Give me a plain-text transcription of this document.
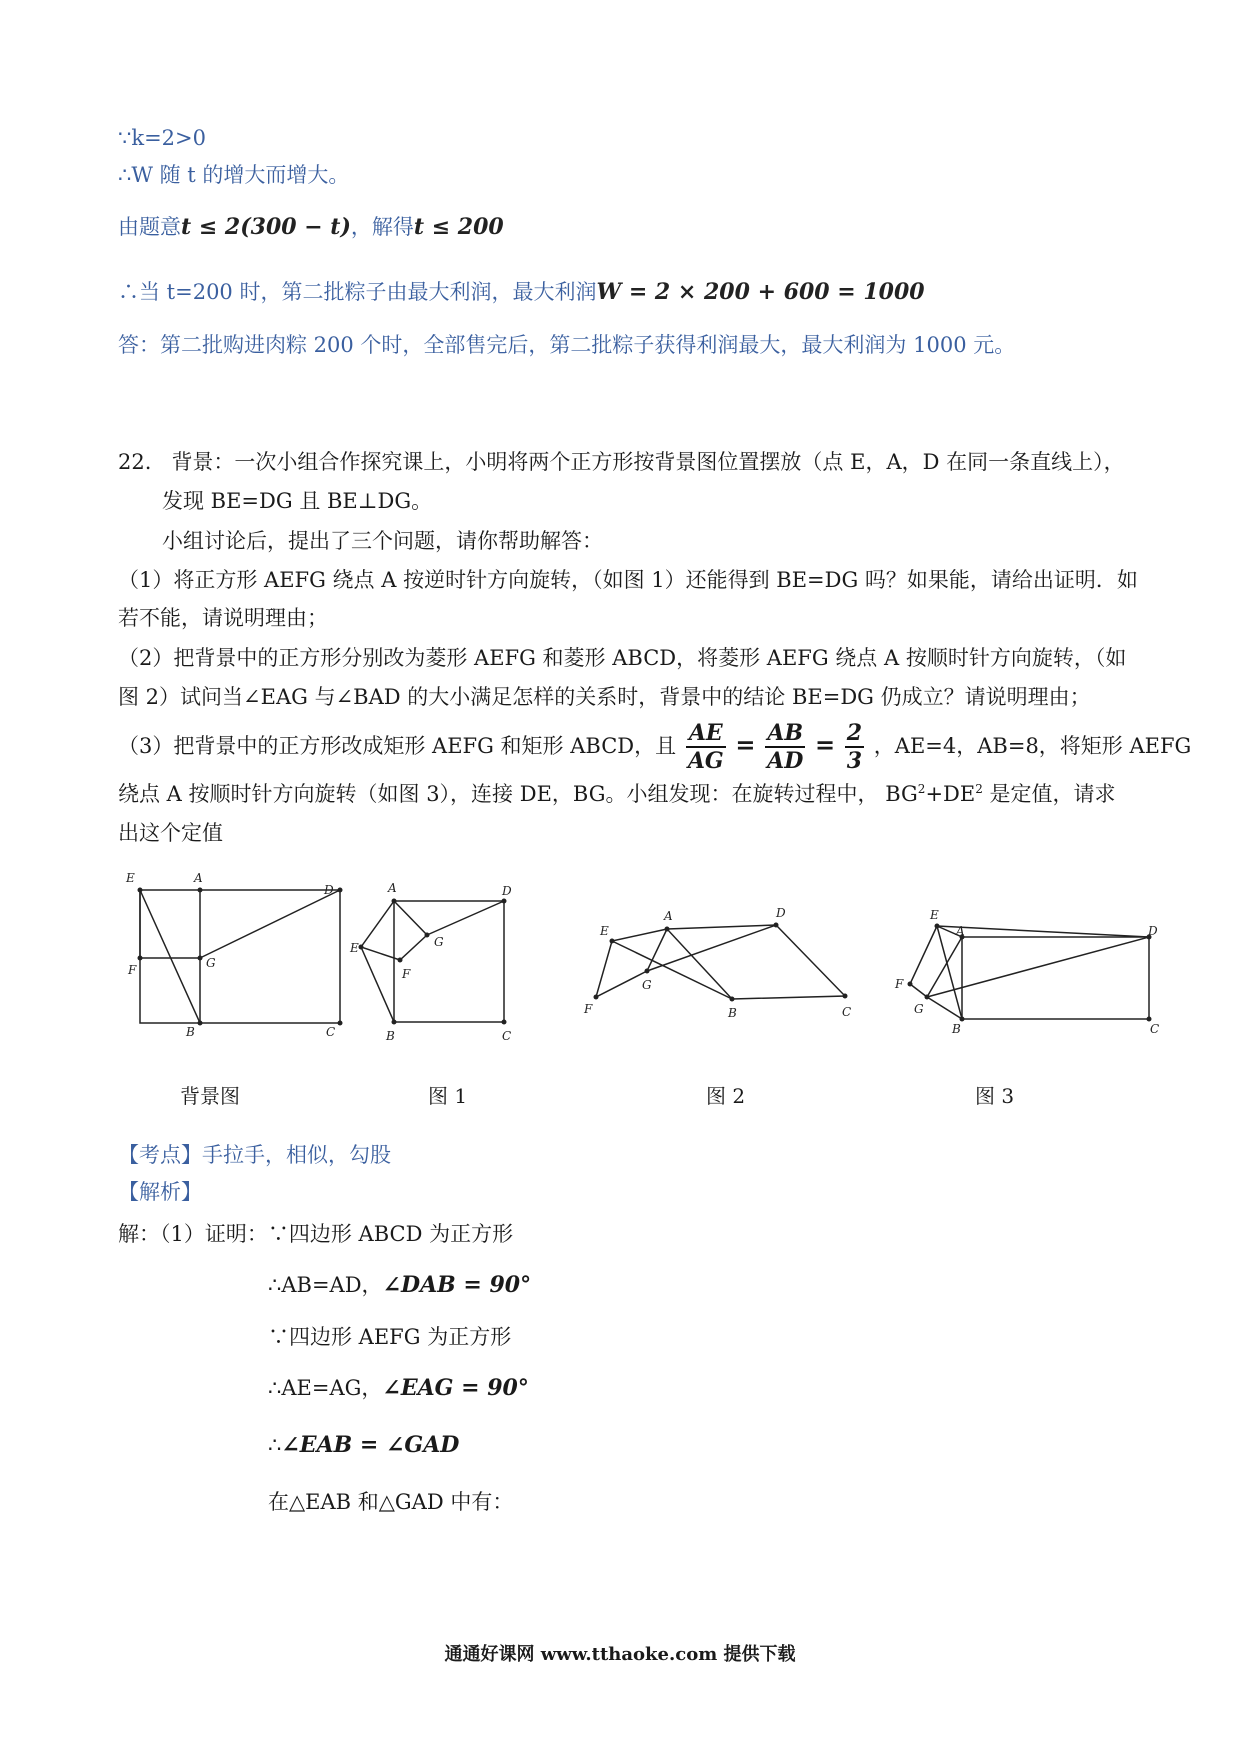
∵k=2>0
∴W 随 t 的增大而增大。
由题意t ≤ 2(300 − t)，解得t ≤ 200
∴当 t=200 时，第二批粽子由最大利润，最大利润W = 2 × 200 + 600 = 1000
答：第二批购进肉粽 200 个时，全部售完后，第二批粽子获得利润最大，最大利润为 1000 元。
22. 背景：一次小组合作探究课上，小明将两个正方形按背景图位置摆放（点 E，A，D 在同一条直线上），
发现 BE=DG 且 BE⊥DG。
小组讨论后，提出了三个问题，请你帮助解答：
（1）将正方形 AEFG 绕点 A 按逆时针方向旋转，（如图 1）还能得到 BE=DG 吗？如果能，请给出证明．如
若不能，请说明理由；
（2）把背景中的正方形分别改为菱形 AEFG 和菱形 ABCD，将菱形 AEFG 绕点 A 按顺时针方向旋转，（如
图 2）试问当∠EAG 与∠BAD 的大小满足怎样的关系时，背景中的结论 BE=DG 仍成立？请说明理由；
（3）把背景中的正方形改成矩形 AEFG 和矩形 ABCD，且 $\frac{AE}{AG} = \frac{AB}{AD} = \frac{2}{3}$ ，AE=4，AB=8，将矩形 AEFG
绕点 A 按顺时针方向旋转（如图 3），连接 DE，BG。小组发现：在旋转过程中， $BG^2+DE^2$ 是定值，请求
出这个定值
E	A
D
F	G
B	C
A	D
E	G
F
B	C
A	D
E
G
F	B	C
E
A	D
F
G
B	C
背景图	图 1	图 2	图 3
【考点】手拉手，相似，勾股
【解析】
解：（1）证明：∵四边形 ABCD 为正方形
∴AB=AD，∠DAB = 90°
∵四边形 AEFG 为正方形
∴AE=AG，∠EAG = 90°
∴∠EAB = ∠GAD
在△EAB 和△GAD 中有：
通通好课网 www.tthaoke.com 提供下载
